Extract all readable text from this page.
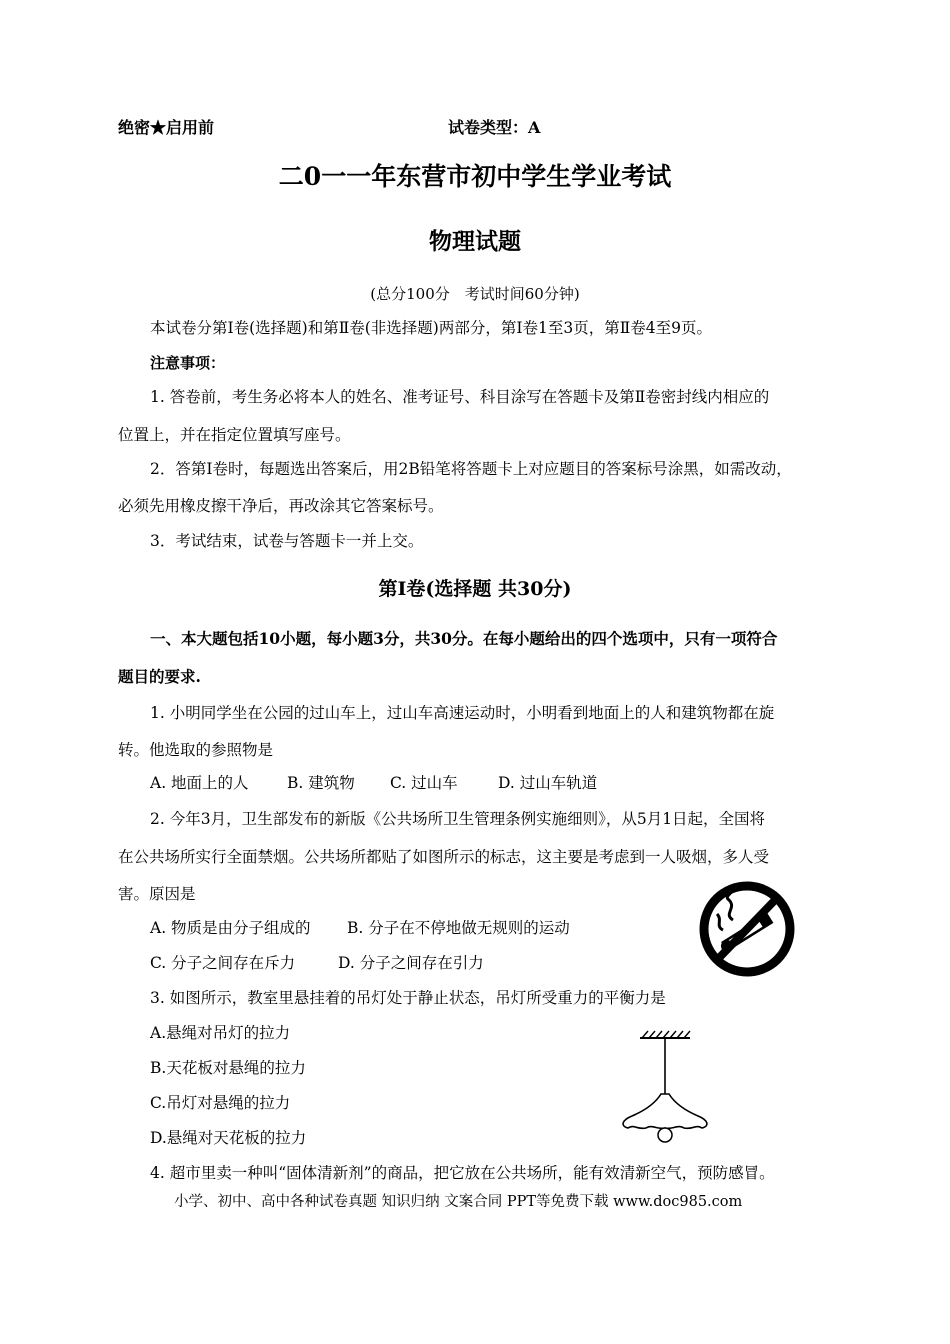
绝密★启用前	试卷类型：A
二0一一年东营市初中学生学业考试
物理试题
(总分100分　考试时间60分钟)
本试卷分第Ⅰ卷(选择题)和第Ⅱ卷(非选择题)两部分，第Ⅰ卷1至3页，第Ⅱ卷4至9页。
注意事项：
1. 答卷前，考生务必将本人的姓名、准考证号、科目涂写在答题卡及第Ⅱ卷密封线内相应的
位置上，并在指定位置填写座号。
2．答第Ⅰ卷时，每题选出答案后，用2B铅笔将答题卡上对应题目的答案标号涂黑，如需改动，
必须先用橡皮擦干净后，再改涂其它答案标号。
3．考试结束，试卷与答题卡一并上交。
第Ⅰ卷(选择题 共30分)
一、本大题包括10小题，每小题3分，共30分。在每小题给出的四个选项中，只有一项符合
题目的要求.
1. 小明同学坐在公园的过山车上，过山车高速运动时，小明看到地面上的人和建筑物都在旋
转。他选取的参照物是
A. 地面上的人 B. 建筑物 C. 过山车	D. 过山车轨道
2. 今年3月，卫生部发布的新版《公共场所卫生管理条例实施细则》，从5月1日起，全国将
在公共场所实行全面禁烟。公共场所都贴了如图所示的标志，这主要是考虑到一人吸烟，多人受
害。原因是
A. 物质是由分子组成的 B. 分子在不停地做无规则的运动
C. 分子之间存在斥力	D. 分子之间存在引力
3. 如图所示，教室里悬挂着的吊灯处于静止状态，吊灯所受重力的平衡力是
A.悬绳对吊灯的拉力
B.天花板对悬绳的拉力
C.吊灯对悬绳的拉力
D.悬绳对天花板的拉力
4. 超市里卖一种叫“固体清新剂”的商品，把它放在公共场所，能有效清新空气，预防感冒。
小学、初中、高中各种试卷真题 知识归纳 文案合同 PPT等免费下载 www.doc985.com
